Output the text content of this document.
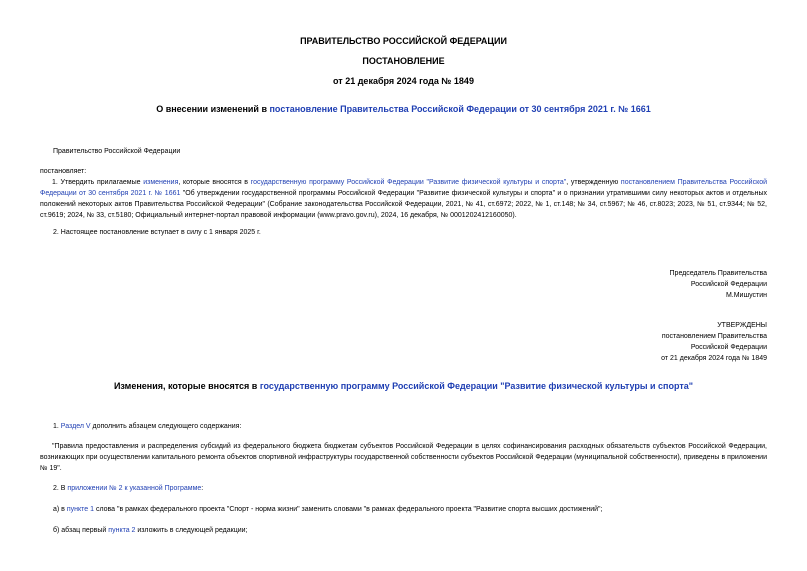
ПРАВИТЕЛЬСТВО РОССИЙСКОЙ ФЕДЕРАЦИИ
ПОСТАНОВЛЕНИЕ
от 21 декабря 2024 года № 1849
О внесении изменений в постановление Правительства Российской Федерации от 30 сентября 2021 г. № 1661
Правительство Российской Федерации
постановляет:
1. Утвердить прилагаемые изменения, которые вносятся в государственную программу Российской Федерации "Развитие физической культуры и спорта", утвержденную постановлением Правительства Российской Федерации от 30 сентября 2021 г. № 1661 "Об утверждении государственной программы Российской Федерации "Развитие физической культуры и спорта" и о признании утратившими силу некоторых актов и отдельных положений некоторых актов Правительства Российской Федерации" (Собрание законодательства Российской Федерации, 2021, № 41, ст.6972; 2022, № 1, ст.148; № 34, ст.5967; № 46, ст.8023; 2023, № 51, ст.9344; № 52, ст.9619; 2024, № 33, ст.5180; Официальный интернет-портал правовой информации (www.pravo.gov.ru), 2024, 16 декабря, № 0001202412160050).
2. Настоящее постановление вступает в силу с 1 января 2025 г.
Председатель Правительства
Российской Федерации
М.Мишустин
УТВЕРЖДЕНЫ
постановлением Правительства
Российской Федерации
от 21 декабря 2024 года № 1849
Изменения, которые вносятся в государственную программу Российской Федерации "Развитие физической культуры и спорта"
1. Раздел V дополнить абзацем следующего содержания:
"Правила предоставления и распределения субсидий из федерального бюджета бюджетам субъектов Российской Федерации в целях софинансирования расходных обязательств субъектов Российской Федерации, возникающих при осуществлении капитального ремонта объектов спортивной инфраструктуры государственной собственности субъектов Российской Федерации (муниципальной собственности), приведены в приложении № 19".
2. В приложении № 2 к указанной Программе:
а) в пункте 1 слова "в рамках федерального проекта "Спорт - норма жизни" заменить словами "в рамках федерального проекта "Развитие спорта высших достижений";
б) абзац первый пункта 2 изложить в следующей редакции;
